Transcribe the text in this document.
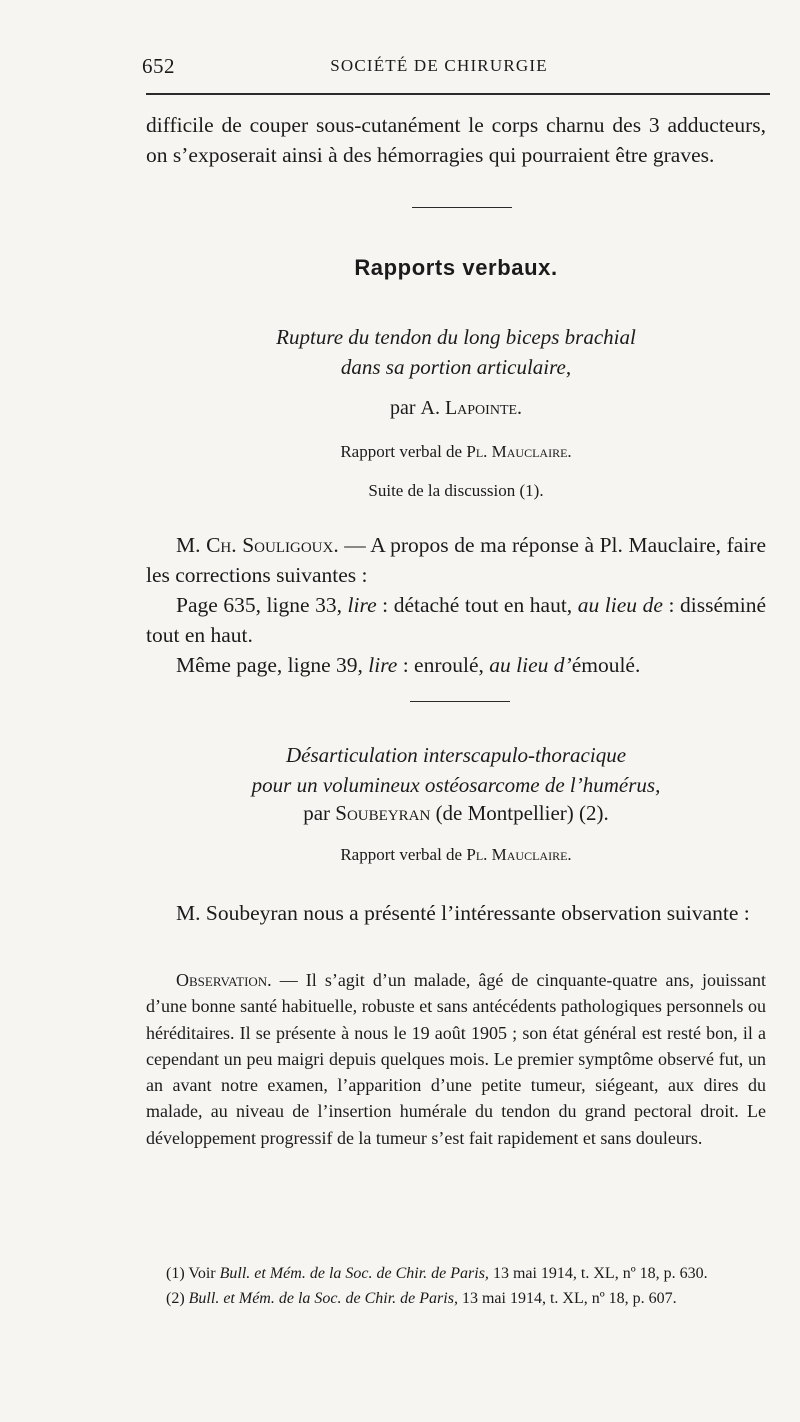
652	SOCIÉTÉ DE CHIRURGIE

difficile de couper sous-cutanément le corps charnu des 3 adducteurs, on s’exposerait ainsi à des hémorragies qui pourraient être graves.

Rapports verbaux.
Rupture du tendon du long biceps brachial
dans sa portion articulaire,
par A. Lapointe.
Rapport verbal de Pl. Mauclaire.
Suite de la discussion (1).

M. Ch. Souligoux. — A propos de ma réponse à Pl. Mauclaire, faire les corrections suivantes :

Page 635, ligne 33, lire : détaché tout en haut, au lieu de : disséminé tout en haut.

Même page, ligne 39, lire : enroulé, au lieu d’émoulé.

Désarticulation interscapulo-thoracique
pour un volumineux ostéosarcome de l’humérus,
par Soubeyran (de Montpellier) (2).
Rapport verbal de Pl. Mauclaire.

M. Soubeyran nous a présenté l’intéressante observation suivante :

Observation. — Il s’agit d’un malade, âgé de cinquante-quatre ans, jouissant d’une bonne santé habituelle, robuste et sans antécédents pathologiques personnels ou héréditaires. Il se présente à nous le 19 août 1905 ; son état général est resté bon, il a cependant un peu maigri depuis quelques mois. Le premier symptôme observé fut, un an avant notre examen, l’apparition d’une petite tumeur, siégeant, aux dires du malade, au niveau de l’insertion humérale du tendon du grand pectoral droit. Le développement progressif de la tumeur s’est fait rapidement et sans douleurs.

(1) Voir Bull. et Mém. de la Soc. de Chir. de Paris, 13 mai 1914, t. XL, nº 18, p. 630.

(2) Bull. et Mém. de la Soc. de Chir. de Paris, 13 mai 1914, t. XL, nº 18, p. 607.
